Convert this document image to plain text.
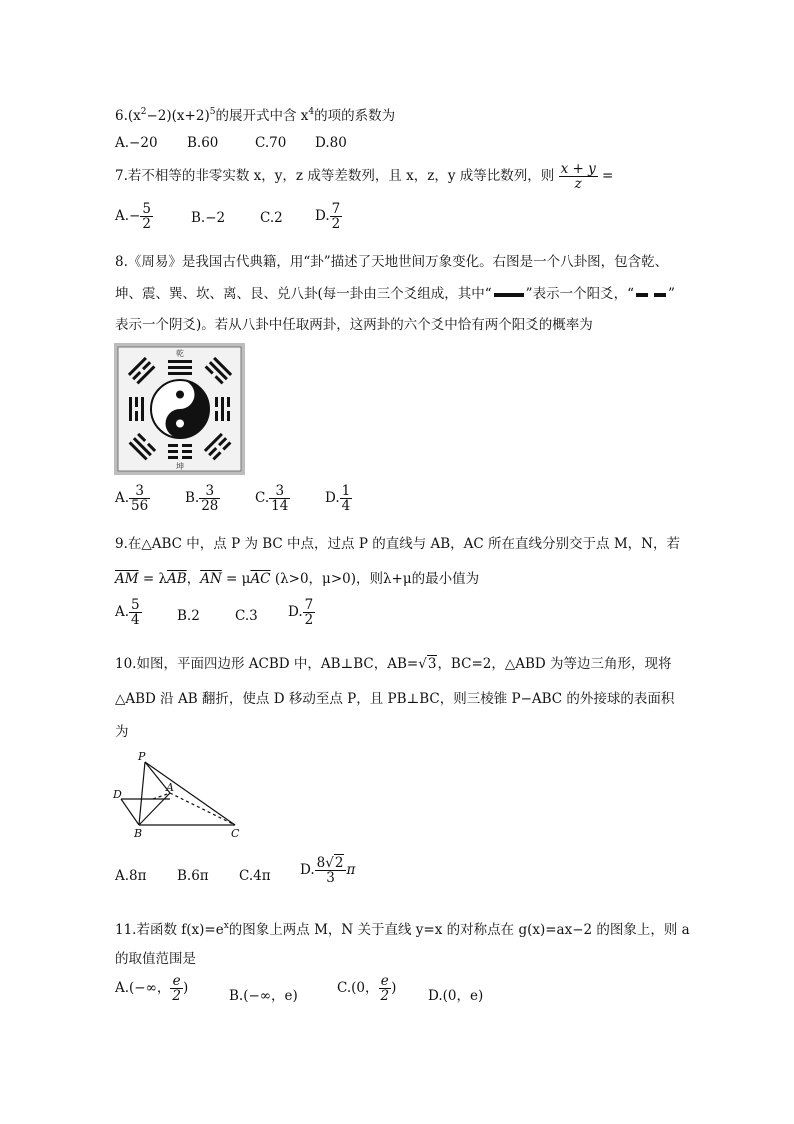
$6.(x^2-2)(x+2)^5$的展开式中含 $x^4$的项的系数为
A.−20 B.60	C.70 D.80
7.若不相等的非零实数 x，y，z 成等差数列，且 x，z，y 成等比数列，则 $\frac{x + y}{z}$ =
$A.- \frac{5}{2}$	B.−2	C.2 D. $\frac{7}{2}$
8.《周易》是我国古代典籍，用“卦”描述了天地世间万象变化。右图是一个八卦图，包含乾、
坤、震、巽、坎、离、艮、兑八卦(每一卦由三个爻组成，其中“	”表示一个阳爻，“	”
表示一个阴爻)。若从八卦中任取两卦，这两卦的六个爻中恰有两个阳爻的概率为
乾
坤
A. $\frac{3}{56}$	B. $\frac{3}{28}$	C. $\frac{3}{14}$	D. $\frac{1}{4}$
9.在△ABC 中，点 P 为 BC 中点，过点 P 的直线与 AB，AC 所在直线分别交于点 M，N，若
$\overline{AM} = \lambda\overline{AB}$，$\overline{AN} = \mu\overline{AC}$ (λ>0，μ>0)，则λ+μ的最小值为
A. $\frac{5}{4}$	B.2	C.3 D. $\frac{7}{2}$
10.如图，平面四边形 ACBD 中，AB⊥BC，AB=√3，BC=2，△ABD 为等边三角形，现将
△ABD 沿 AB 翻折，使点 D 移动至点 P，且 PB⊥BC，则三棱锥 P−ABC 的外接球的表面积
为
P
D
A
B	C
A.8π B.6π C.4π D. $\frac{8√2}{3}$ π
11.若函数 $f(x)=e^x$的图象上两点 M，N 关于直线 y=x 的对称点在 g(x)=ax−2 的图象上，则 a
的取值范围是
A.(−∞， $\frac{e}{2}$ )	B.(−∞，e)	C.(0， $\frac{e}{2}$ ) D.(0，e)
